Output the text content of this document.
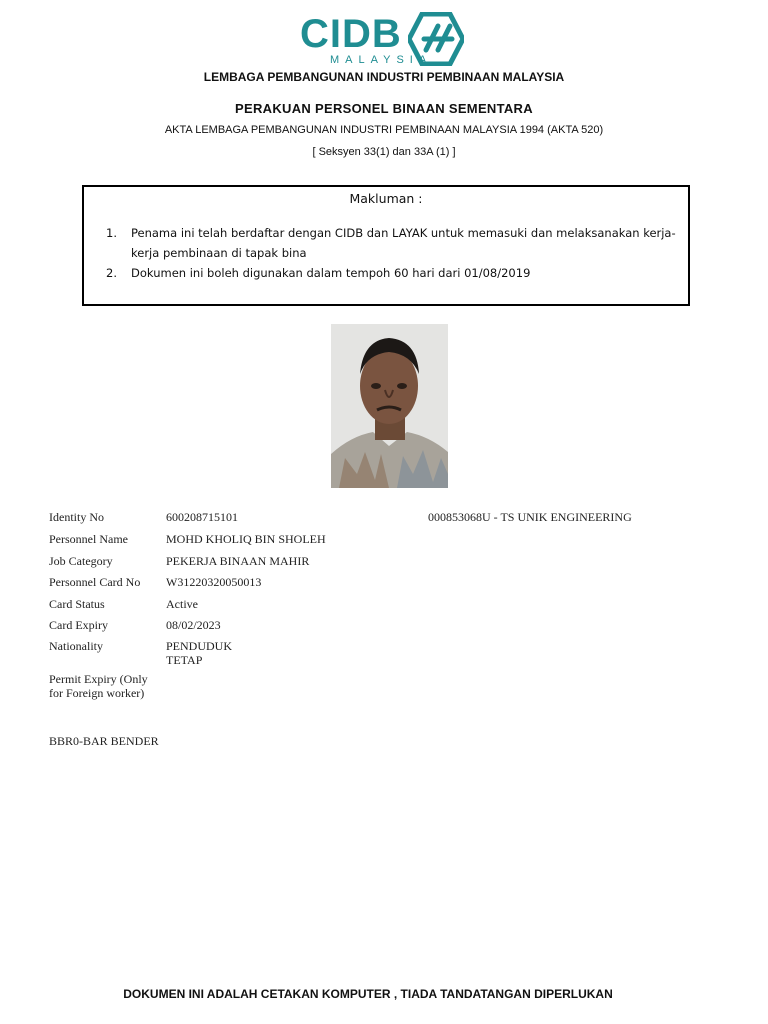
CIDB
MALAYSIA
LEMBAGA PEMBANGUNAN INDUSTRI PEMBINAAN MALAYSIA
PERAKUAN PERSONEL BINAAN SEMENTARA
AKTA LEMBAGA PEMBANGUNAN INDUSTRI PEMBINAAN MALAYSIA 1994 (AKTA 520)
[ Seksyen 33(1) dan 33A (1) ]
Makluman :
1. Penama ini telah berdaftar dengan CIDB dan LAYAK untuk memasuki dan melaksanakan kerja-kerja pembinaan di tapak bina
2. Dokumen ini boleh digunakan dalam tempoh 60 hari dari 01/08/2019
Identity No	600208715101	000853068U - TS UNIK ENGINEERING
Personnel Name	MOHD KHOLIQ BIN SHOLEH
Job Category	PEKERJA BINAAN MAHIR
Personnel Card No	W31220320050013
Card Status	Active
Card Expiry	08/02/2023
Nationality	PENDUDUK
TETAP
Permit Expiry (Only
for Foreign worker)
BBR0-BAR BENDER
DOKUMEN INI ADALAH CETAKAN KOMPUTER , TIADA TANDATANGAN DIPERLUKAN
